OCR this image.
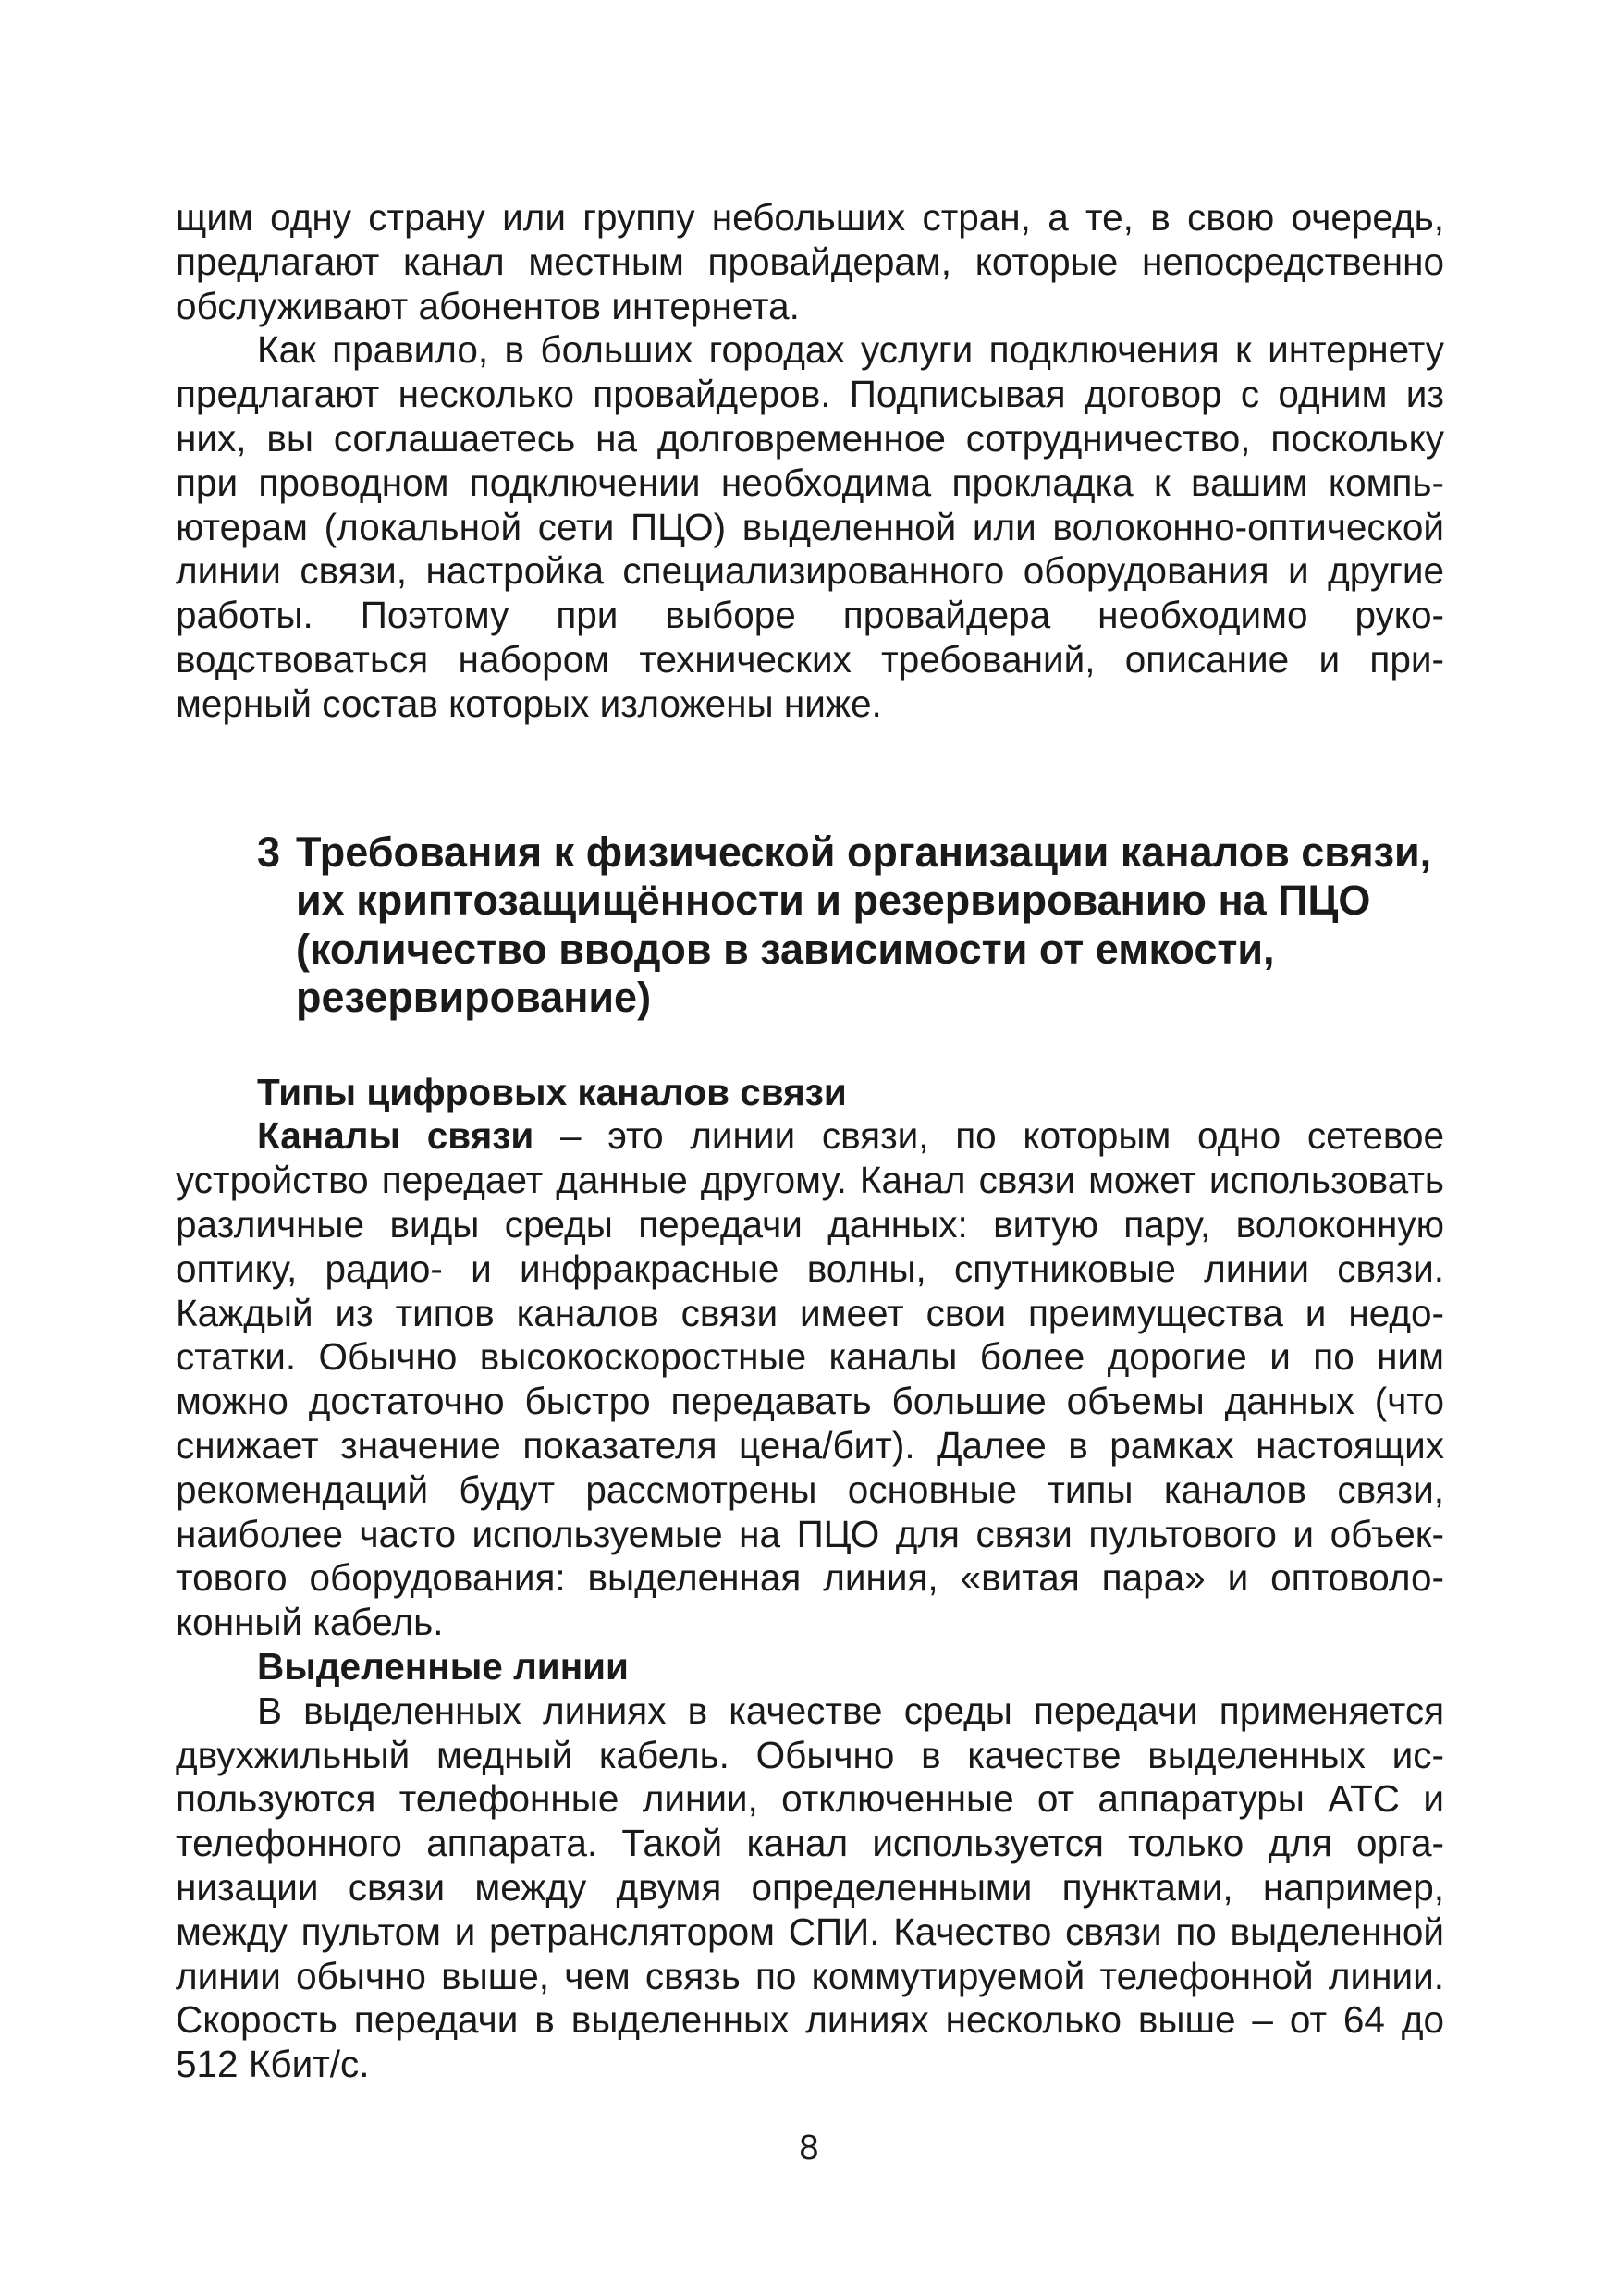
щим одну страну или группу небольших стран, а те, в свою очередь, предлагают канал местным провайдерам, которые непосредственно обслуживают абонентов интернета.

Как правило, в больших городах услуги подключения к интернету предлагают несколько провайдеров. Подписывая договор с одним из них, вы соглашаетесь на долговременное сотрудничество, поскольку при проводном подключении необходима прокладка к вашим компьютерам (локальной сети ПЦО) выделенной или волоконно-оптической линии связи, настройка специализированного оборудования и другие работы. Поэтому при выборе провайдера необходимо руководствоваться набором технических требований, описание и примерный состав которых изложены ниже.

3 Требования к физической организации каналов связи, их криптозащищённости и резервированию на ПЦО (количество вводов в зависимости от емкости, резервирование)
Типы цифровых каналов связи

Каналы связи – это линии связи, по которым одно сетевое устройство передает данные другому. Канал связи может использовать различные виды среды передачи данных: витую пару, волоконную оптику, радио- и инфракрасные волны, спутниковые линии связи. Каждый из типов каналов связи имеет свои преимущества и недостатки. Обычно высокоскоростные каналы более дорогие и по ним можно достаточно быстро передавать большие объемы данных (что снижает значение показателя цена/бит). Далее в рамках настоящих рекомендаций будут рассмотрены основные типы каналов связи, наиболее часто используемые на ПЦО для связи пультового и объектового оборудования: выделенная линия, «витая пара» и оптоволоконный кабель.

Выделенные линии

В выделенных линиях в качестве среды передачи применяется двухжильный медный кабель. Обычно в качестве выделенных используются телефонные линии, отключенные от аппаратуры АТС и телефонного аппарата. Такой канал используется только для организации связи между двумя определенными пунктами, например, между пультом и ретранслятором СПИ. Качество связи по выделенной линии обычно выше, чем связь по коммутируемой телефонной линии. Скорость передачи в выделенных линиях несколько выше – от 64 до 512 Кбит/с.

8
